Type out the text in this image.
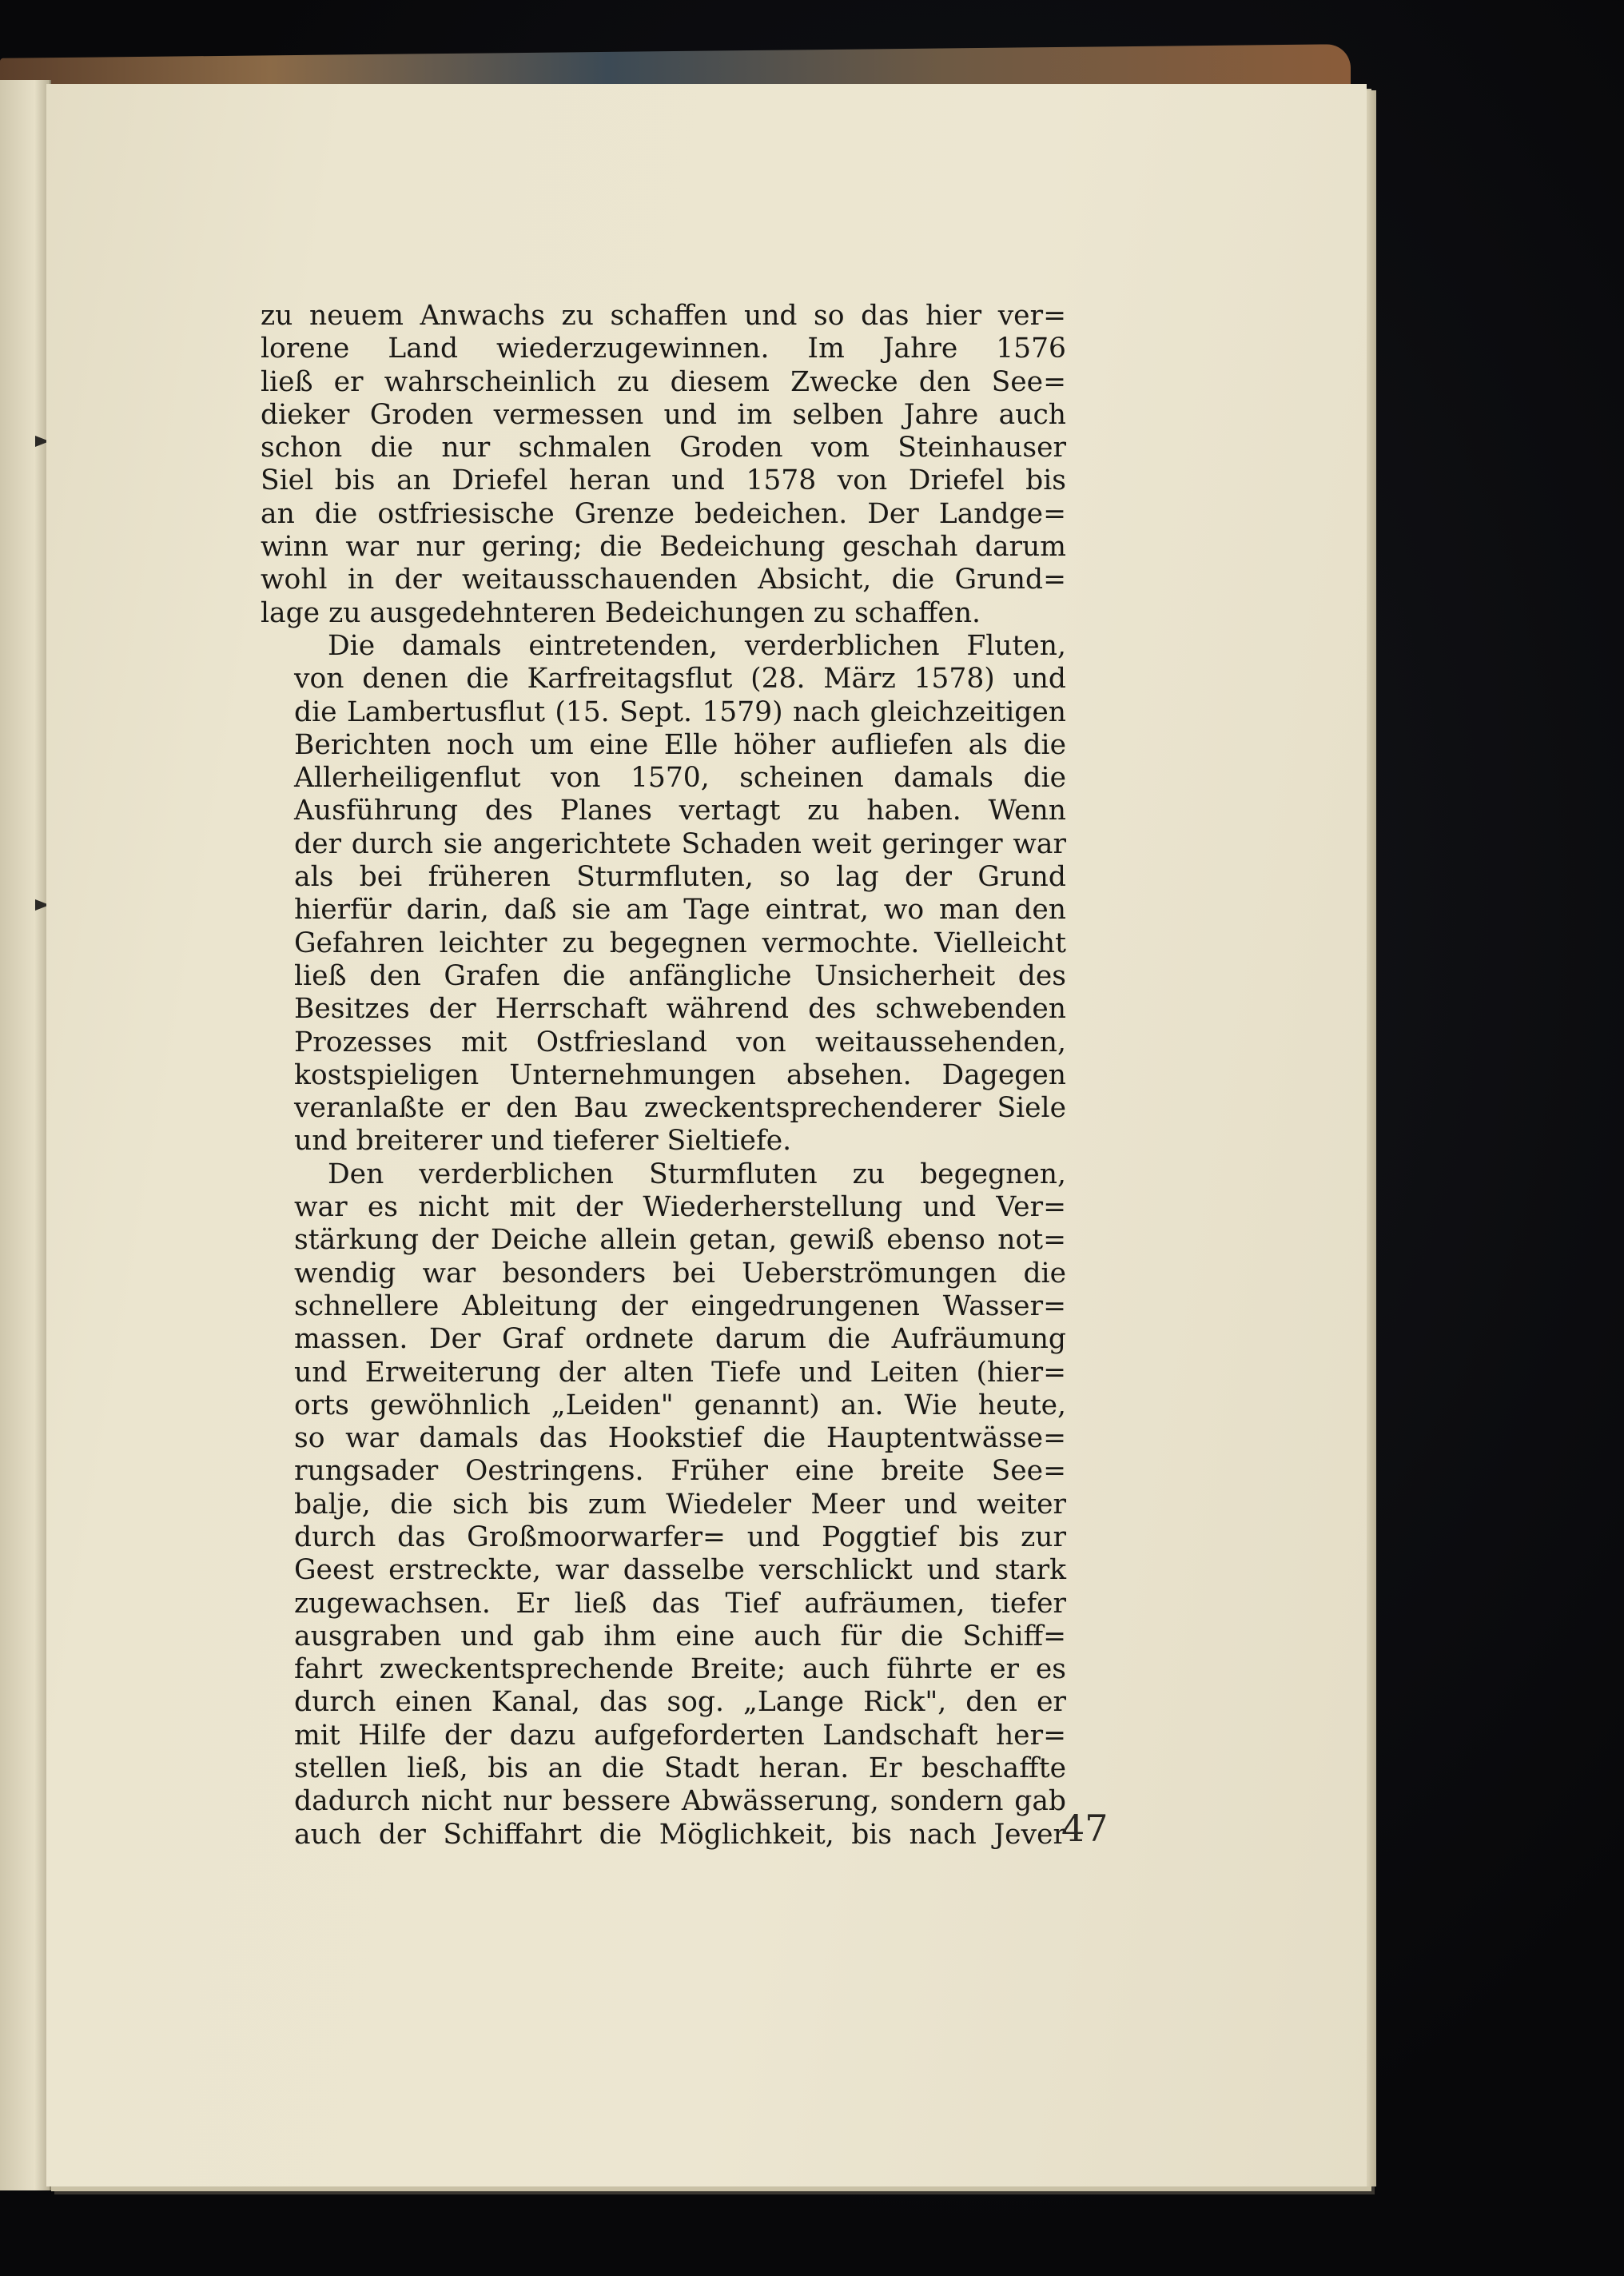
zu neuem Anwachs zu schaffen und so das hier ver=
lorene Land wiederzugewinnen. Im Jahre 1576
ließ er wahrscheinlich zu diesem Zwecke den See=
dieker Groden vermessen und im selben Jahre auch
schon die nur schmalen Groden vom Steinhauser
Siel bis an Driefel heran und 1578 von Driefel bis
an die ostfriesische Grenze bedeichen. Der Landge=
winn war nur gering; die Bedeichung geschah darum
wohl in der weitausschauenden Absicht, die Grund=
lage zu ausgedehnteren Bedeichungen zu schaffen.
Die damals eintretenden, verderblichen Fluten,
von denen die Karfreitagsflut (28. März 1578) und
die Lambertusflut (15. Sept. 1579) nach gleichzeitigen
Berichten noch um eine Elle höher aufliefen als die
Allerheiligenflut von 1570, scheinen damals die
Ausführung des Planes vertagt zu haben. Wenn
der durch sie angerichtete Schaden weit geringer war
als bei früheren Sturmfluten, so lag der Grund
hierfür darin, daß sie am Tage eintrat, wo man den
Gefahren leichter zu begegnen vermochte. Vielleicht
ließ den Grafen die anfängliche Unsicherheit des
Besitzes der Herrschaft während des schwebenden
Prozesses mit Ostfriesland von weitaussehenden,
kostspieligen Unternehmungen absehen. Dagegen
veranlaßte er den Bau zweckentsprechenderer Siele
und breiterer und tieferer Sieltiefe.
Den verderblichen Sturmfluten zu begegnen,
war es nicht mit der Wiederherstellung und Ver=
stärkung der Deiche allein getan, gewiß ebenso not=
wendig war besonders bei Ueberströmungen die
schnellere Ableitung der eingedrungenen Wasser=
massen. Der Graf ordnete darum die Aufräumung
und Erweiterung der alten Tiefe und Leiten (hier=
orts gewöhnlich „Leiden" genannt) an. Wie heute,
so war damals das Hookstief die Hauptentwässe=
rungsader Oestringens. Früher eine breite See=
balje, die sich bis zum Wiedeler Meer und weiter
durch das Großmoorwarfer= und Poggtief bis zur
Geest erstreckte, war dasselbe verschlickt und stark
zugewachsen. Er ließ das Tief aufräumen, tiefer
ausgraben und gab ihm eine auch für die Schiff=
fahrt zweckentsprechende Breite; auch führte er es
durch einen Kanal, das sog. „Lange Rick", den er
mit Hilfe der dazu aufgeforderten Landschaft her=
stellen ließ, bis an die Stadt heran. Er beschaffte
dadurch nicht nur bessere Abwässerung, sondern gab
auch der Schiffahrt die Möglichkeit, bis nach Jever
47
